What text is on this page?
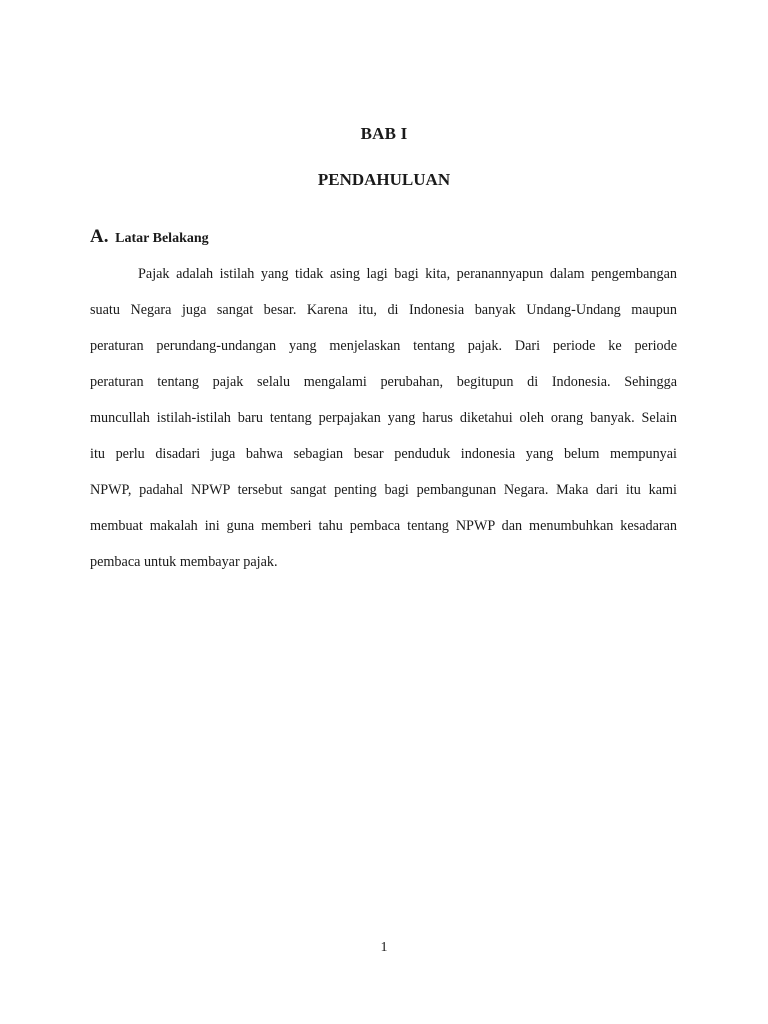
BAB I
PENDAHULUAN
A. Latar Belakang

Pajak adalah istilah yang tidak asing lagi bagi kita, peranannyapun dalam pengembangan
suatu Negara juga sangat besar. Karena itu, di Indonesia banyak Undang-Undang maupun
peraturan perundang-undangan yang menjelaskan tentang pajak. Dari periode ke periode
peraturan tentang pajak selalu mengalami perubahan, begitupun di Indonesia. Sehingga
muncullah istilah-istilah baru tentang perpajakan yang harus diketahui oleh orang banyak. Selain
itu perlu disadari juga bahwa sebagian besar penduduk indonesia yang belum mempunyai
NPWP, padahal NPWP tersebut sangat penting bagi pembangunan Negara. Maka dari itu kami
membuat makalah ini guna memberi tahu pembaca tentang NPWP dan menumbuhkan kesadaran
pembaca untuk membayar pajak.

1
